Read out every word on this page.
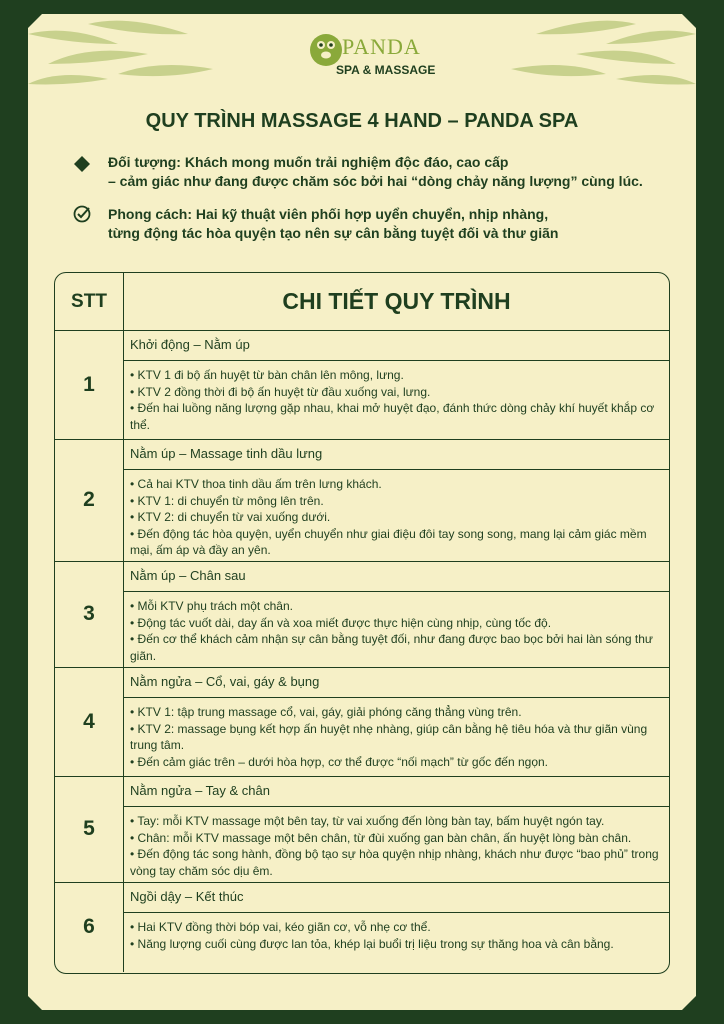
PANDA
SPA & MASSAGE
QUY TRÌNH MASSAGE 4 HAND – PANDA SPA
Đối tượng: Khách mong muốn trải nghiệm độc đáo, cao cấp
– cảm giác như đang được chăm sóc bởi hai “dòng chảy năng lượng” cùng lúc.
Phong cách: Hai kỹ thuật viên phối hợp uyển chuyển, nhịp nhàng,
từng động tác hòa quyện tạo nên sự cân bằng tuyệt đối và thư giãn
STT	CHI TIẾT QUY TRÌNH
1
Khởi động – Nằm úp
• KTV 1 đi bộ ấn huyệt từ bàn chân lên mông, lưng.
• KTV 2 đồng thời đi bộ ấn huyệt từ đầu xuống vai, lưng.
• Đến hai luồng năng lượng gặp nhau, khai mở huyệt đạo, đánh thức dòng chảy khí huyết khắp cơ thể.
2
Nằm úp – Massage tinh dầu lưng
• Cả hai KTV thoa tinh dầu ấm trên lưng khách.
• KTV 1: di chuyển từ mông lên trên.
• KTV 2: di chuyển từ vai xuống dưới.
• Đến động tác hòa quyện, uyển chuyển như giai điệu đôi tay song song, mang lại cảm giác mềm mại, ấm áp và đầy an yên.
3
Nằm úp – Chân sau
• Mỗi KTV phụ trách một chân.
• Động tác vuốt dài, day ấn và xoa miết được thực hiện cùng nhịp, cùng tốc độ.
• Đến cơ thể khách cảm nhận sự cân bằng tuyệt đối, như đang được bao bọc bởi hai làn sóng thư giãn.
4
Nằm ngửa – Cổ, vai, gáy & bụng
• KTV 1: tập trung massage cổ, vai, gáy, giải phóng căng thẳng vùng trên.
• KTV 2: massage bụng kết hợp ấn huyệt nhẹ nhàng, giúp cân bằng hệ tiêu hóa và thư giãn vùng trung tâm.
• Đến cảm giác trên – dưới hòa hợp, cơ thể được “nối mạch” từ gốc đến ngọn.
5
Nằm ngửa – Tay & chân
• Tay: mỗi KTV massage một bên tay, từ vai xuống đến lòng bàn tay, bấm huyệt ngón tay.
• Chân: mỗi KTV massage một bên chân, từ đùi xuống gan bàn chân, ấn huyệt lòng bàn chân.
• Đến động tác song hành, đồng bộ tạo sự hòa quyện nhịp nhàng, khách như được “bao phủ” trong vòng tay chăm sóc dịu êm.
6
Ngồi dậy – Kết thúc
• Hai KTV đồng thời bóp vai, kéo giãn cơ, vỗ nhẹ cơ thể.
• Năng lượng cuối cùng được lan tỏa, khép lại buổi trị liệu trong sự thăng hoa và cân bằng.
